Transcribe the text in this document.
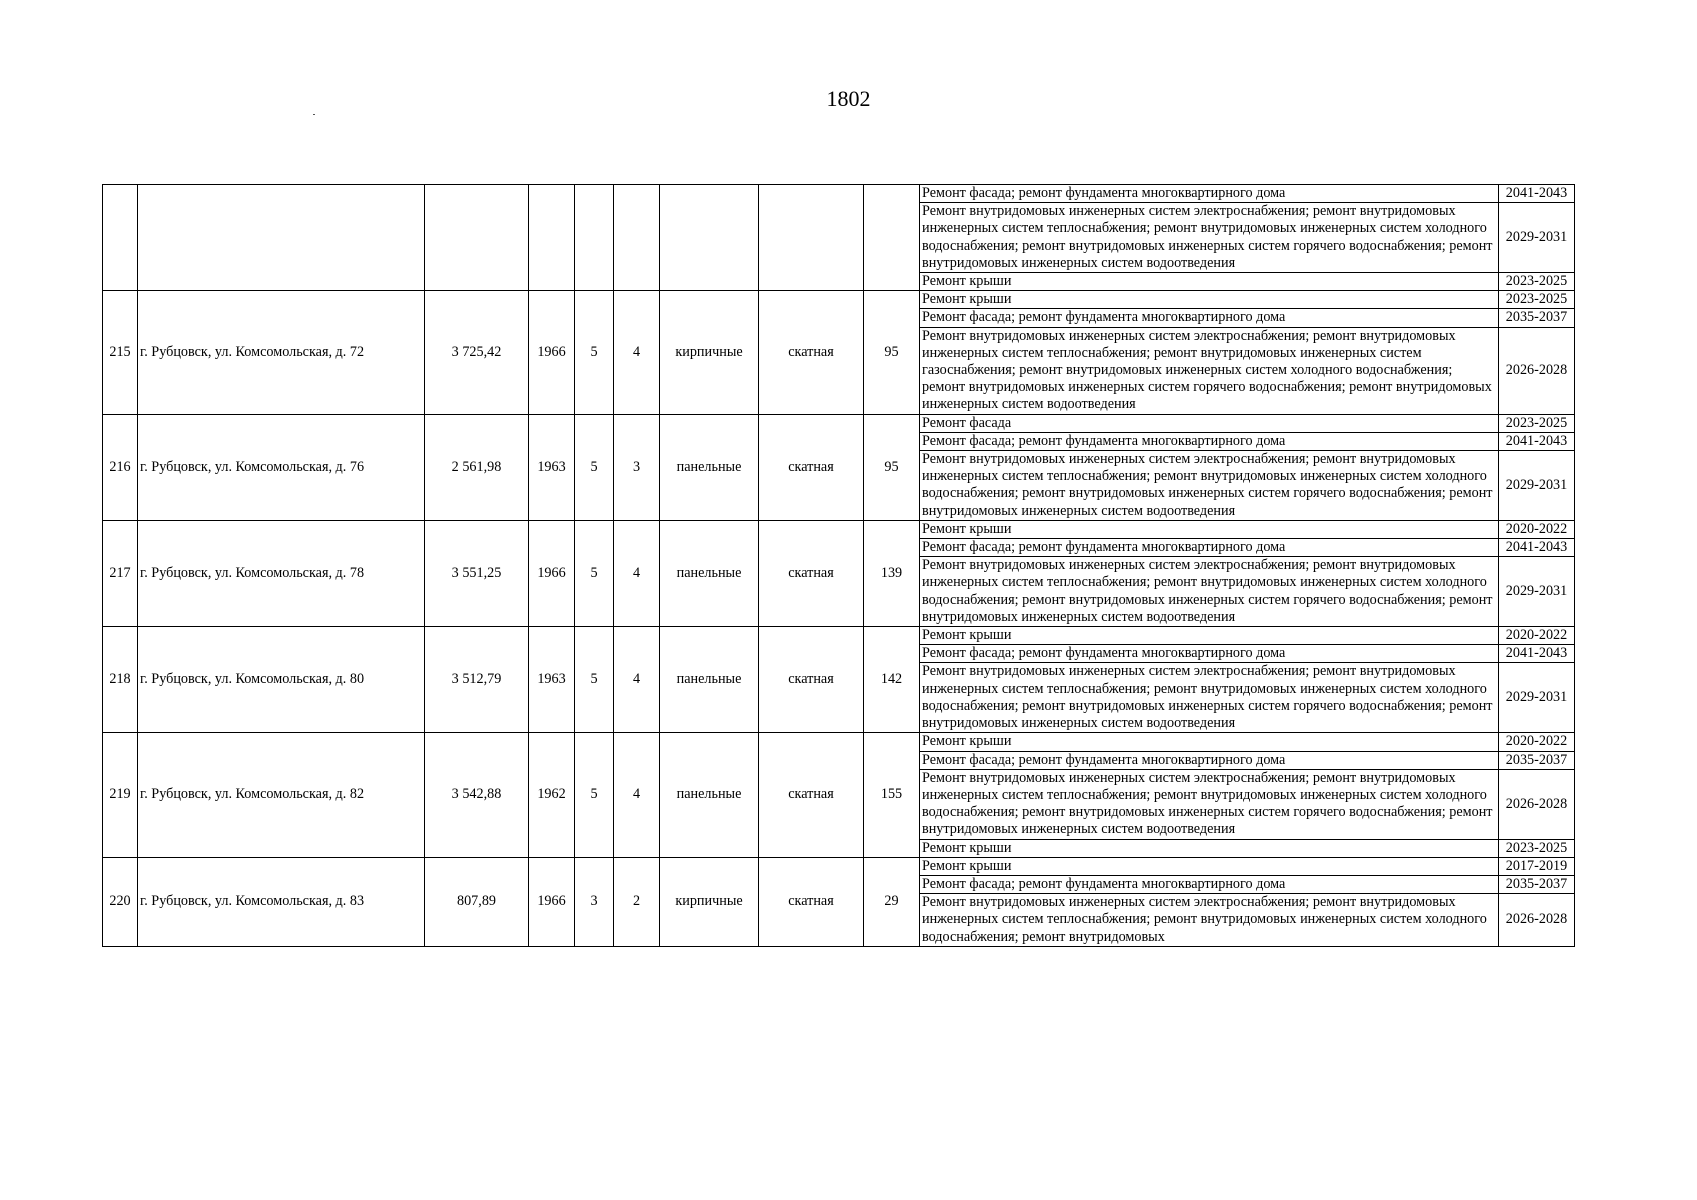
1802
									Ремонт фасада; ремонт фундамента многоквартирного дома	2041-2043
									Ремонт внутридомовых инженерных систем электроснабжения; ремонт внутридомовых инженерных систем теплоснабжения; ремонт внутридомовых инженерных систем холодного водоснабжения; ремонт внутридомовых инженерных систем горячего водоснабжения; ремонт внутридомовых инженерных систем водоотведения	2029-2031
									Ремонт крыши	2023-2025
215	г. Рубцовск, ул. Комсомольская, д. 72	3 725,42	1966	5	4	кирпичные	скатная	95	Ремонт крыши	2023-2025
									Ремонт фасада; ремонт фундамента многоквартирного дома	2035-2037
									Ремонт внутридомовых инженерных систем электроснабжения; ремонт внутридомовых инженерных систем теплоснабжения; ремонт внутридомовых инженерных систем газоснабжения; ремонт внутридомовых инженерных систем холодного водоснабжения; ремонт внутридомовых инженерных систем горячего водоснабжения; ремонт внутридомовых инженерных систем водоотведения	2026-2028
216	г. Рубцовск, ул. Комсомольская, д. 76	2 561,98	1963	5	3	панельные	скатная	95	Ремонт фасада	2023-2025
									Ремонт фасада; ремонт фундамента многоквартирного дома	2041-2043
									Ремонт внутридомовых инженерных систем электроснабжения; ремонт внутридомовых инженерных систем теплоснабжения; ремонт внутридомовых инженерных систем холодного водоснабжения; ремонт внутридомовых инженерных систем горячего водоснабжения; ремонт внутридомовых инженерных систем водоотведения	2029-2031
217	г. Рубцовск, ул. Комсомольская, д. 78	3 551,25	1966	5	4	панельные	скатная	139	Ремонт крыши	2020-2022
									Ремонт фасада; ремонт фундамента многоквартирного дома	2041-2043
									Ремонт внутридомовых инженерных систем электроснабжения; ремонт внутридомовых инженерных систем теплоснабжения; ремонт внутридомовых инженерных систем холодного водоснабжения; ремонт внутридомовых инженерных систем горячего водоснабжения; ремонт внутридомовых инженерных систем водоотведения	2029-2031
218	г. Рубцовск, ул. Комсомольская, д. 80	3 512,79	1963	5	4	панельные	скатная	142	Ремонт крыши	2020-2022
									Ремонт фасада; ремонт фундамента многоквартирного дома	2041-2043
									Ремонт внутридомовых инженерных систем электроснабжения; ремонт внутридомовых инженерных систем теплоснабжения; ремонт внутридомовых инженерных систем холодного водоснабжения; ремонт внутридомовых инженерных систем горячего водоснабжения; ремонт внутридомовых инженерных систем водоотведения	2029-2031
219	г. Рубцовск, ул. Комсомольская, д. 82	3 542,88	1962	5	4	панельные	скатная	155	Ремонт крыши	2020-2022
									Ремонт фасада; ремонт фундамента многоквартирного дома	2035-2037
									Ремонт внутридомовых инженерных систем электроснабжения; ремонт внутридомовых инженерных систем теплоснабжения; ремонт внутридомовых инженерных систем холодного водоснабжения; ремонт внутридомовых инженерных систем горячего водоснабжения; ремонт внутридомовых инженерных систем водоотведения	2026-2028
									Ремонт крыши	2023-2025
220	г. Рубцовск, ул. Комсомольская, д. 83	807,89	1966	3	2	кирпичные	скатная	29	Ремонт крыши	2017-2019
									Ремонт фасада; ремонт фундамента многоквартирного дома	2035-2037
									Ремонт внутридомовых инженерных систем электроснабжения; ремонт внутридомовых инженерных систем теплоснабжения; ремонт внутридомовых инженерных систем холодного водоснабжения; ремонт внутридомовых	2026-2028
